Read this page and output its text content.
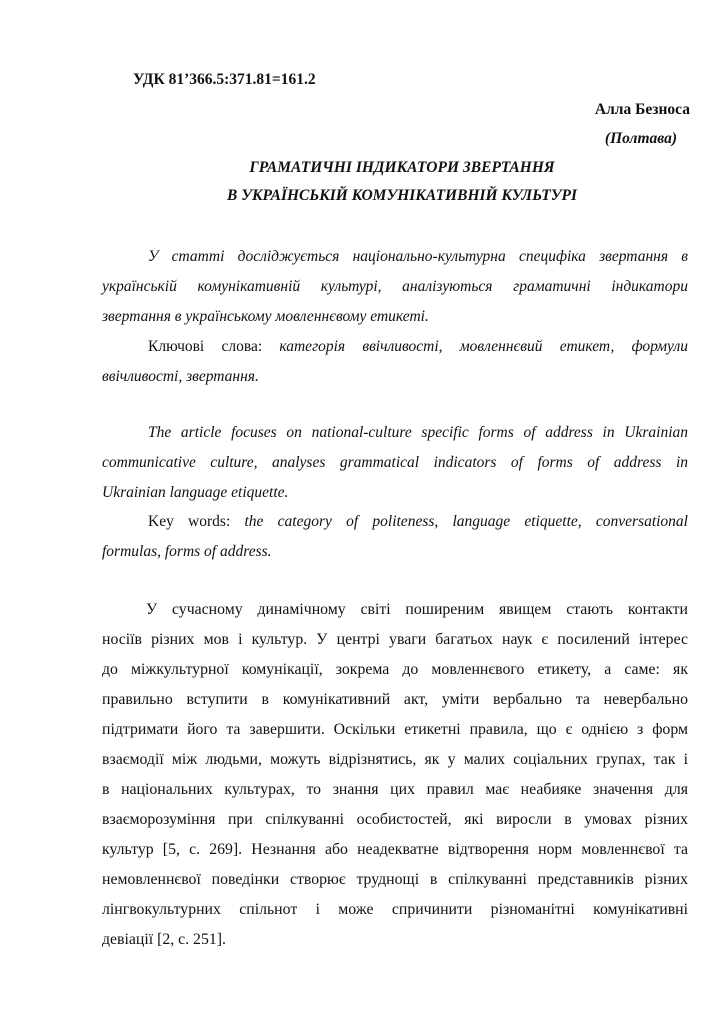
УДК 81’366.5:371.81=161.2
Алла Безноса
(Полтава)
ГРАМАТИЧНІ ІНДИКАТОРИ ЗВЕРТАННЯ
В УКРАЇНСЬКІЙ КОМУНІКАТИВНІЙ КУЛЬТУРІ
У статті досліджується національно-культурна специфіка звертання в
українській комунікативній культурі, аналізуються граматичні індикатори
звертання в українському мовленнєвому етикеті.
Ключові слова: категорія ввічливості, мовленнєвий етикет, формули
ввічливості, звертання.
The article focuses on national-culture specific forms of address in Ukrainian
communicative culture, analyses grammatical indicators of forms of address in
Ukrainian language etiquette.
Key words: the category of politeness, language etiquette, conversational
formulas, forms of address.
У сучасному динамічному світі поширеним явищем стають контакти
носіїв різних мов і культур. У центрі уваги багатьох наук є посилений інтерес
до міжкультурної комунікації, зокрема до мовленнєвого етикету, а саме: як
правильно вступити в комунікативний акт, уміти вербально та невербально
підтримати його та завершити. Оскільки етикетні правила, що є однією з форм
взаємодії між людьми, можуть відрізнятись, як у малих соціальних групах, так і
в національних культурах, то знання цих правил має неабияке значення для
взаєморозуміння при спілкуванні особистостей, які виросли в умовах різних
культур [5, с. 269]. Незнання або неадекватне відтворення норм мовленнєвої та
немовленнєвої поведінки створює труднощі в спілкуванні представників різних
лінгвокультурних спільнот і може спричинити різноманітні комунікативні
девіації [2, с. 251].
